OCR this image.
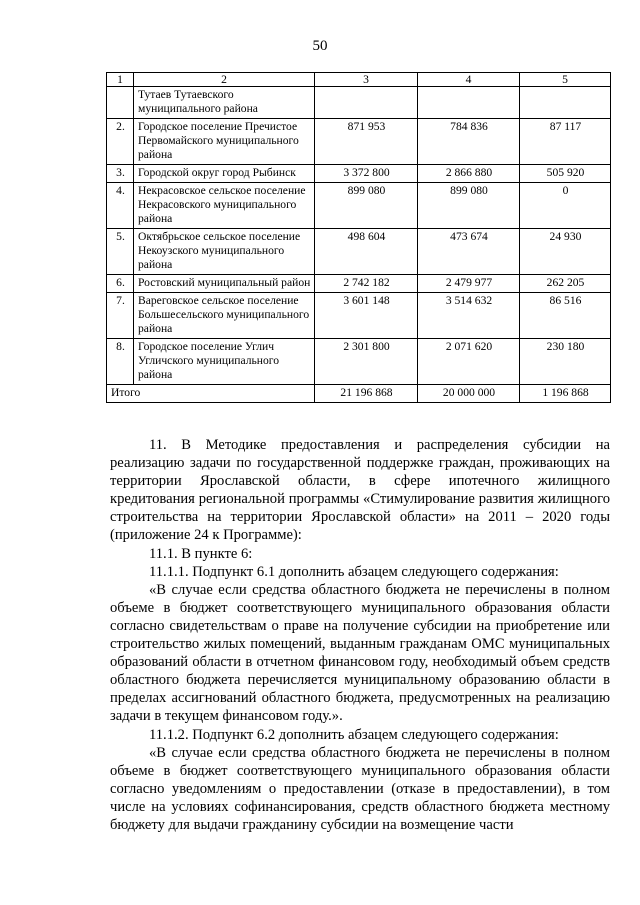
50
1	2	3	4	5
	Тутаев Тутаевского муниципального района			
2.	Городское поселение Пречистое Первомайского муниципального района	871 953	784 836	87 117
3.	Городской округ город Рыбинск	3 372 800	2 866 880	505 920
4.	Некрасовское сельское поселение Некрасовского муниципального района	899 080	899 080	0
5.	Октябрьское сельское поселение Некоузского муниципального района	498 604	473 674	24 930
6.	Ростовский муниципальный район	2 742 182	2 479 977	262 205
7.	Вареговское сельское поселение Большесельского муниципального района	3 601 148	3 514 632	86 516
8.	Городское поселение Углич Угличского муниципального района	2 301 800	2 071 620	230 180
Итого		21 196 868	20 000 000	1 196 868

11. В Методике предоставления и распределения субсидии на реализацию задачи по государственной поддержке граждан, проживающих на территории Ярославской области, в сфере ипотечного жилищного кредитования региональной программы «Стимулирование развития жилищного строительства на территории Ярославской области» на 2011 – 2020 годы (приложение 24 к Программе):

11.1. В пункте 6:

11.1.1. Подпункт 6.1 дополнить абзацем следующего содержания:

«В случае если средства областного бюджета не перечислены в полном объеме в бюджет соответствующего муниципального образования области согласно свидетельствам о праве на получение субсидии на приобретение или строительство жилых помещений, выданным гражданам ОМС муниципальных образований области в отчетном финансовом году, необходимый объем средств областного бюджета перечисляется муниципальному образованию области в пределах ассигнований областного бюджета, предусмотренных на реализацию задачи в текущем финансовом году.».

11.1.2. Подпункт 6.2 дополнить абзацем следующего содержания:

«В случае если средства областного бюджета не перечислены в полном объеме в бюджет соответствующего муниципального образования области согласно уведомлениям о предоставлении (отказе в предоставлении), в том числе на условиях софинансирования, средств областного бюджета местному бюджету для выдачи гражданину субсидии на возмещение части
